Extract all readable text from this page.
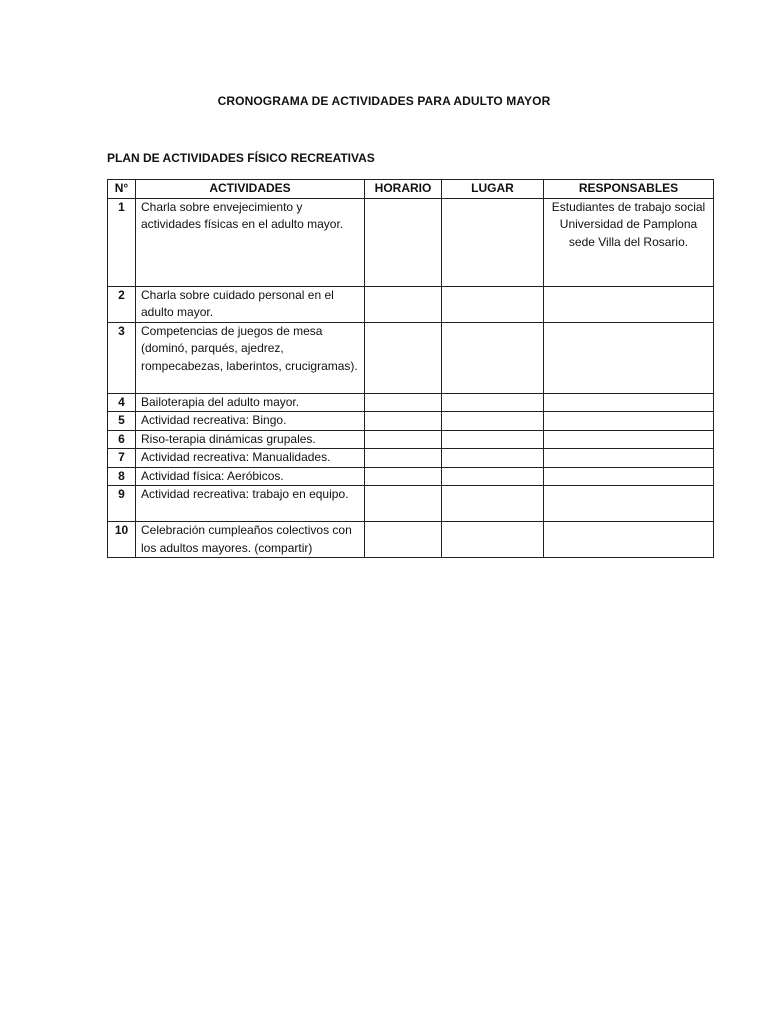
CRONOGRAMA DE ACTIVIDADES PARA ADULTO MAYOR
PLAN DE ACTIVIDADES FÍSICO RECREATIVAS
N°	ACTIVIDADES	HORARIO	LUGAR	RESPONSABLES
1	Charla sobre envejecimiento y actividades físicas en el adulto mayor.			Estudiantes de trabajo social Universidad de Pamplona sede Villa del Rosario.
2	Charla sobre cuidado personal en el adulto mayor.			
3	Competencias de juegos de mesa (dominó, parqués, ajedrez, rompecabezas, laberintos, crucigramas).			
4	Bailoterapia del adulto mayor.			
5	Actividad recreativa: Bingo.			
6	Riso-terapia dinámicas grupales.			
7	Actividad recreativa: Manualidades.			
8	Actividad física: Aeróbicos.			
9	Actividad recreativa: trabajo en equipo.			
10	Celebración cumpleaños colectivos con los adultos mayores. (compartir)			
